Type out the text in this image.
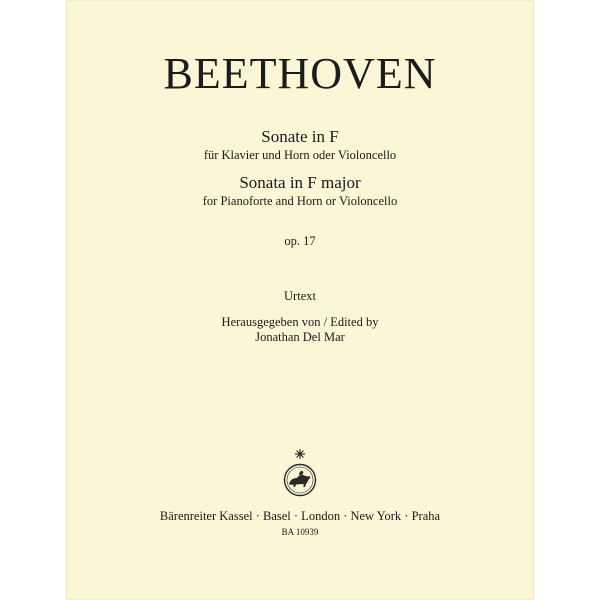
BEETHOVEN
Sonate in F
für Klavier und Horn oder Violoncello
Sonata in F major
for Pianoforte and Horn or Violoncello
op. 17
Urtext
Herausgegeben von / Edited by
Jonathan Del Mar
Bärenreiter Kassel · Basel · London · New York · Praha
BA 10939
